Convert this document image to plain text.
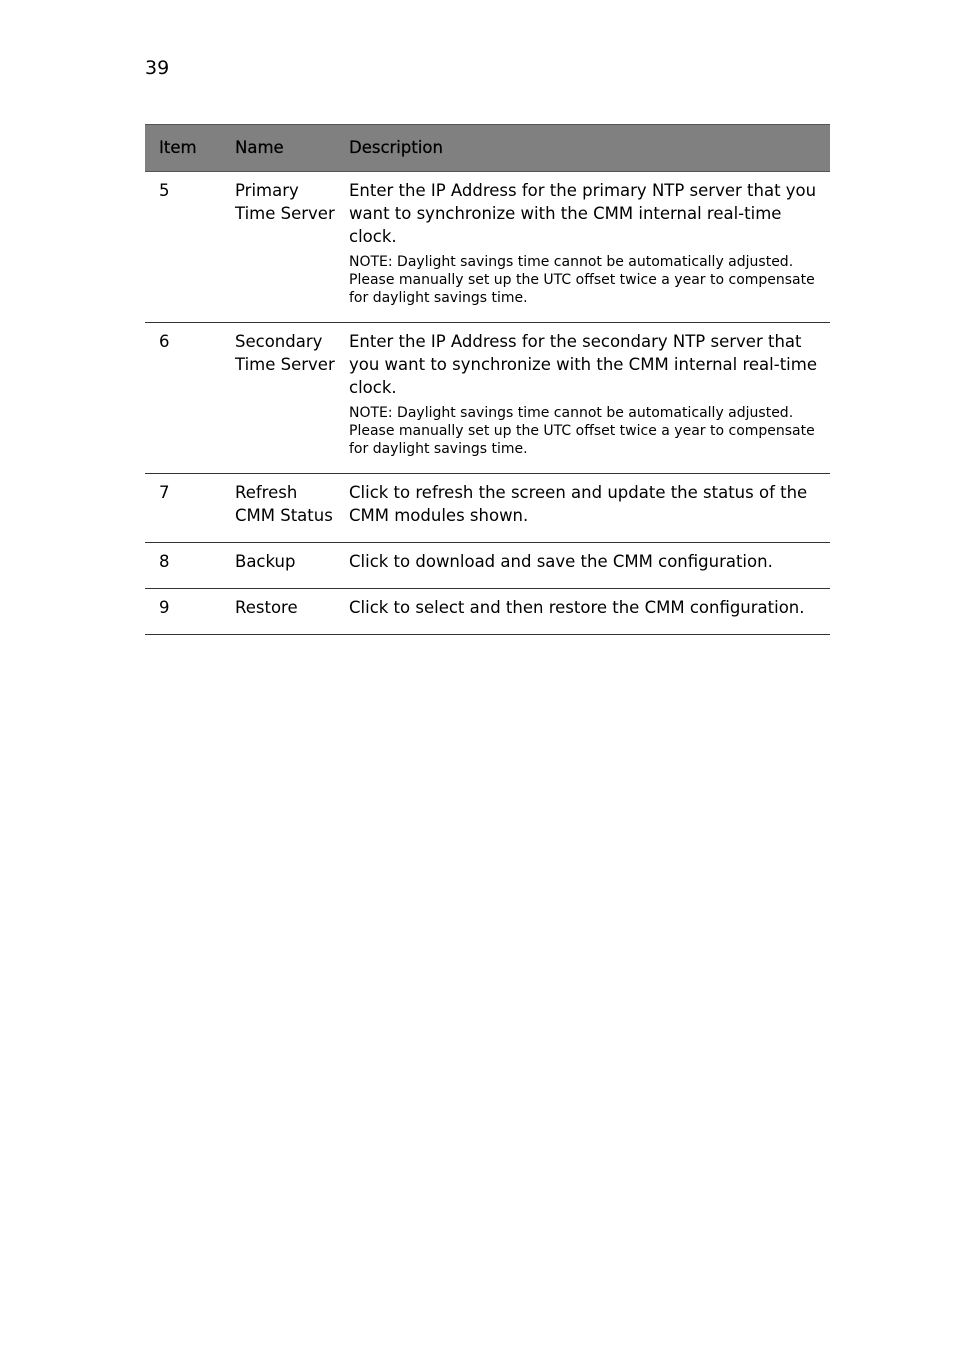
39
Item	Name	Description
5	Primary Time Server	Enter the IP Address for the primary NTP server that you want to synchronize with the CMM internal real-time clock.
NOTE: Daylight savings time cannot be automatically adjusted. Please manually set up the UTC offset twice a year to compensate for daylight savings time.

6	Secondary Time Server	Enter the IP Address for the secondary NTP server that you want to synchronize with the CMM internal real-time clock.
NOTE: Daylight savings time cannot be automatically adjusted. Please manually set up the UTC offset twice a year to compensate for daylight savings time.

7	Refresh CMM Status	Click to refresh the screen and update the status of the CMM modules shown.

8	Backup	Click to download and save the CMM configuration.

9	Restore	Click to select and then restore the CMM configuration.
